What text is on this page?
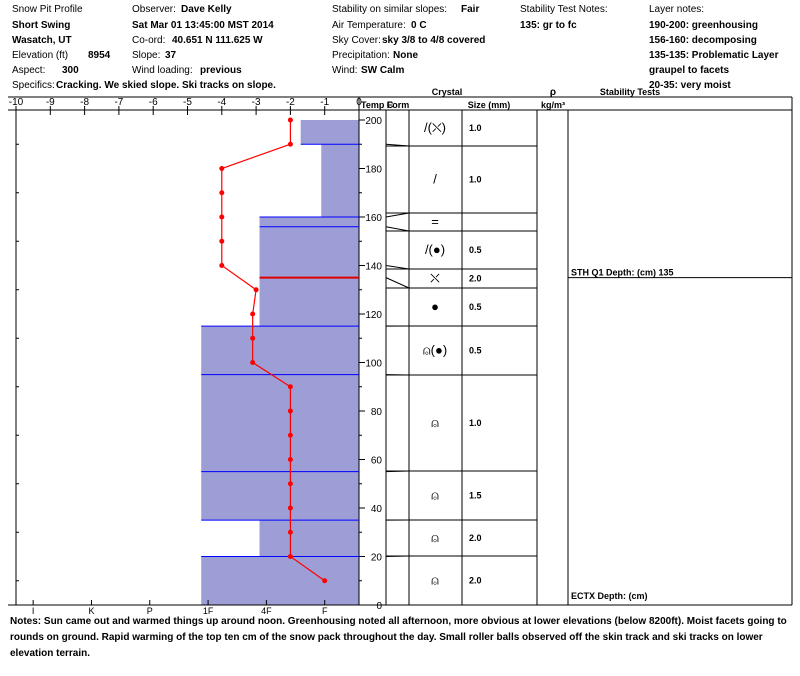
Snow Pit Profile
Short Swing
Wasatch, UT
Elevation (ft) 8954
Aspect: 300
Observer: Dave Kelly
Sat Mar 01 13:45:00 MST 2014
Co-ord: 40.651 N 111.625 W
Slope: 37
Wind loading: previous
Stability on similar slopes: Fair
Air Temperature: 0 C
Sky Cover: sky 3/8 to 4/8 covered
Precipitation: None
Wind: SW Calm
Stability Test Notes:
135: gr to fc
Layer notes:
190-200: greenhousing
156-160: decomposing
135-135: Problematic Layer
graupel to facets
20-35: very moist
Specifics: Cracking. We skied slope. Ski tracks on slope.
-10 -9	-8	-7	-6	-5	-4	-3	-2	-1	0
0
20
40
60
80
100
120
140
160
180
200
I	K	P	1F	4F	F
/(⛌)	1.0
/	1.0
=
/(●)	0.5
⛌	2.0
●	0.5
⍝(●) 0.5
⍝	1.0
⍝	1.5
⍝	2.0
⍝	2.0
STH Q1 Depth: (cm) 135
ECTX Depth: (cm)
Temp C
Crystal
Form	Size (mm)
ρ
kg/m³
Stability Tests
Notes: Sun came out and warmed things up around noon. Greenhousing noted all afternoon, more obvious at lower elevations (below 8200ft). Moist facets going to rounds on ground. Rapid warming of the top ten cm of the snow pack throughout the day. Small roller balls observed off the skin track and ski tracks on lower elevation terrain.
